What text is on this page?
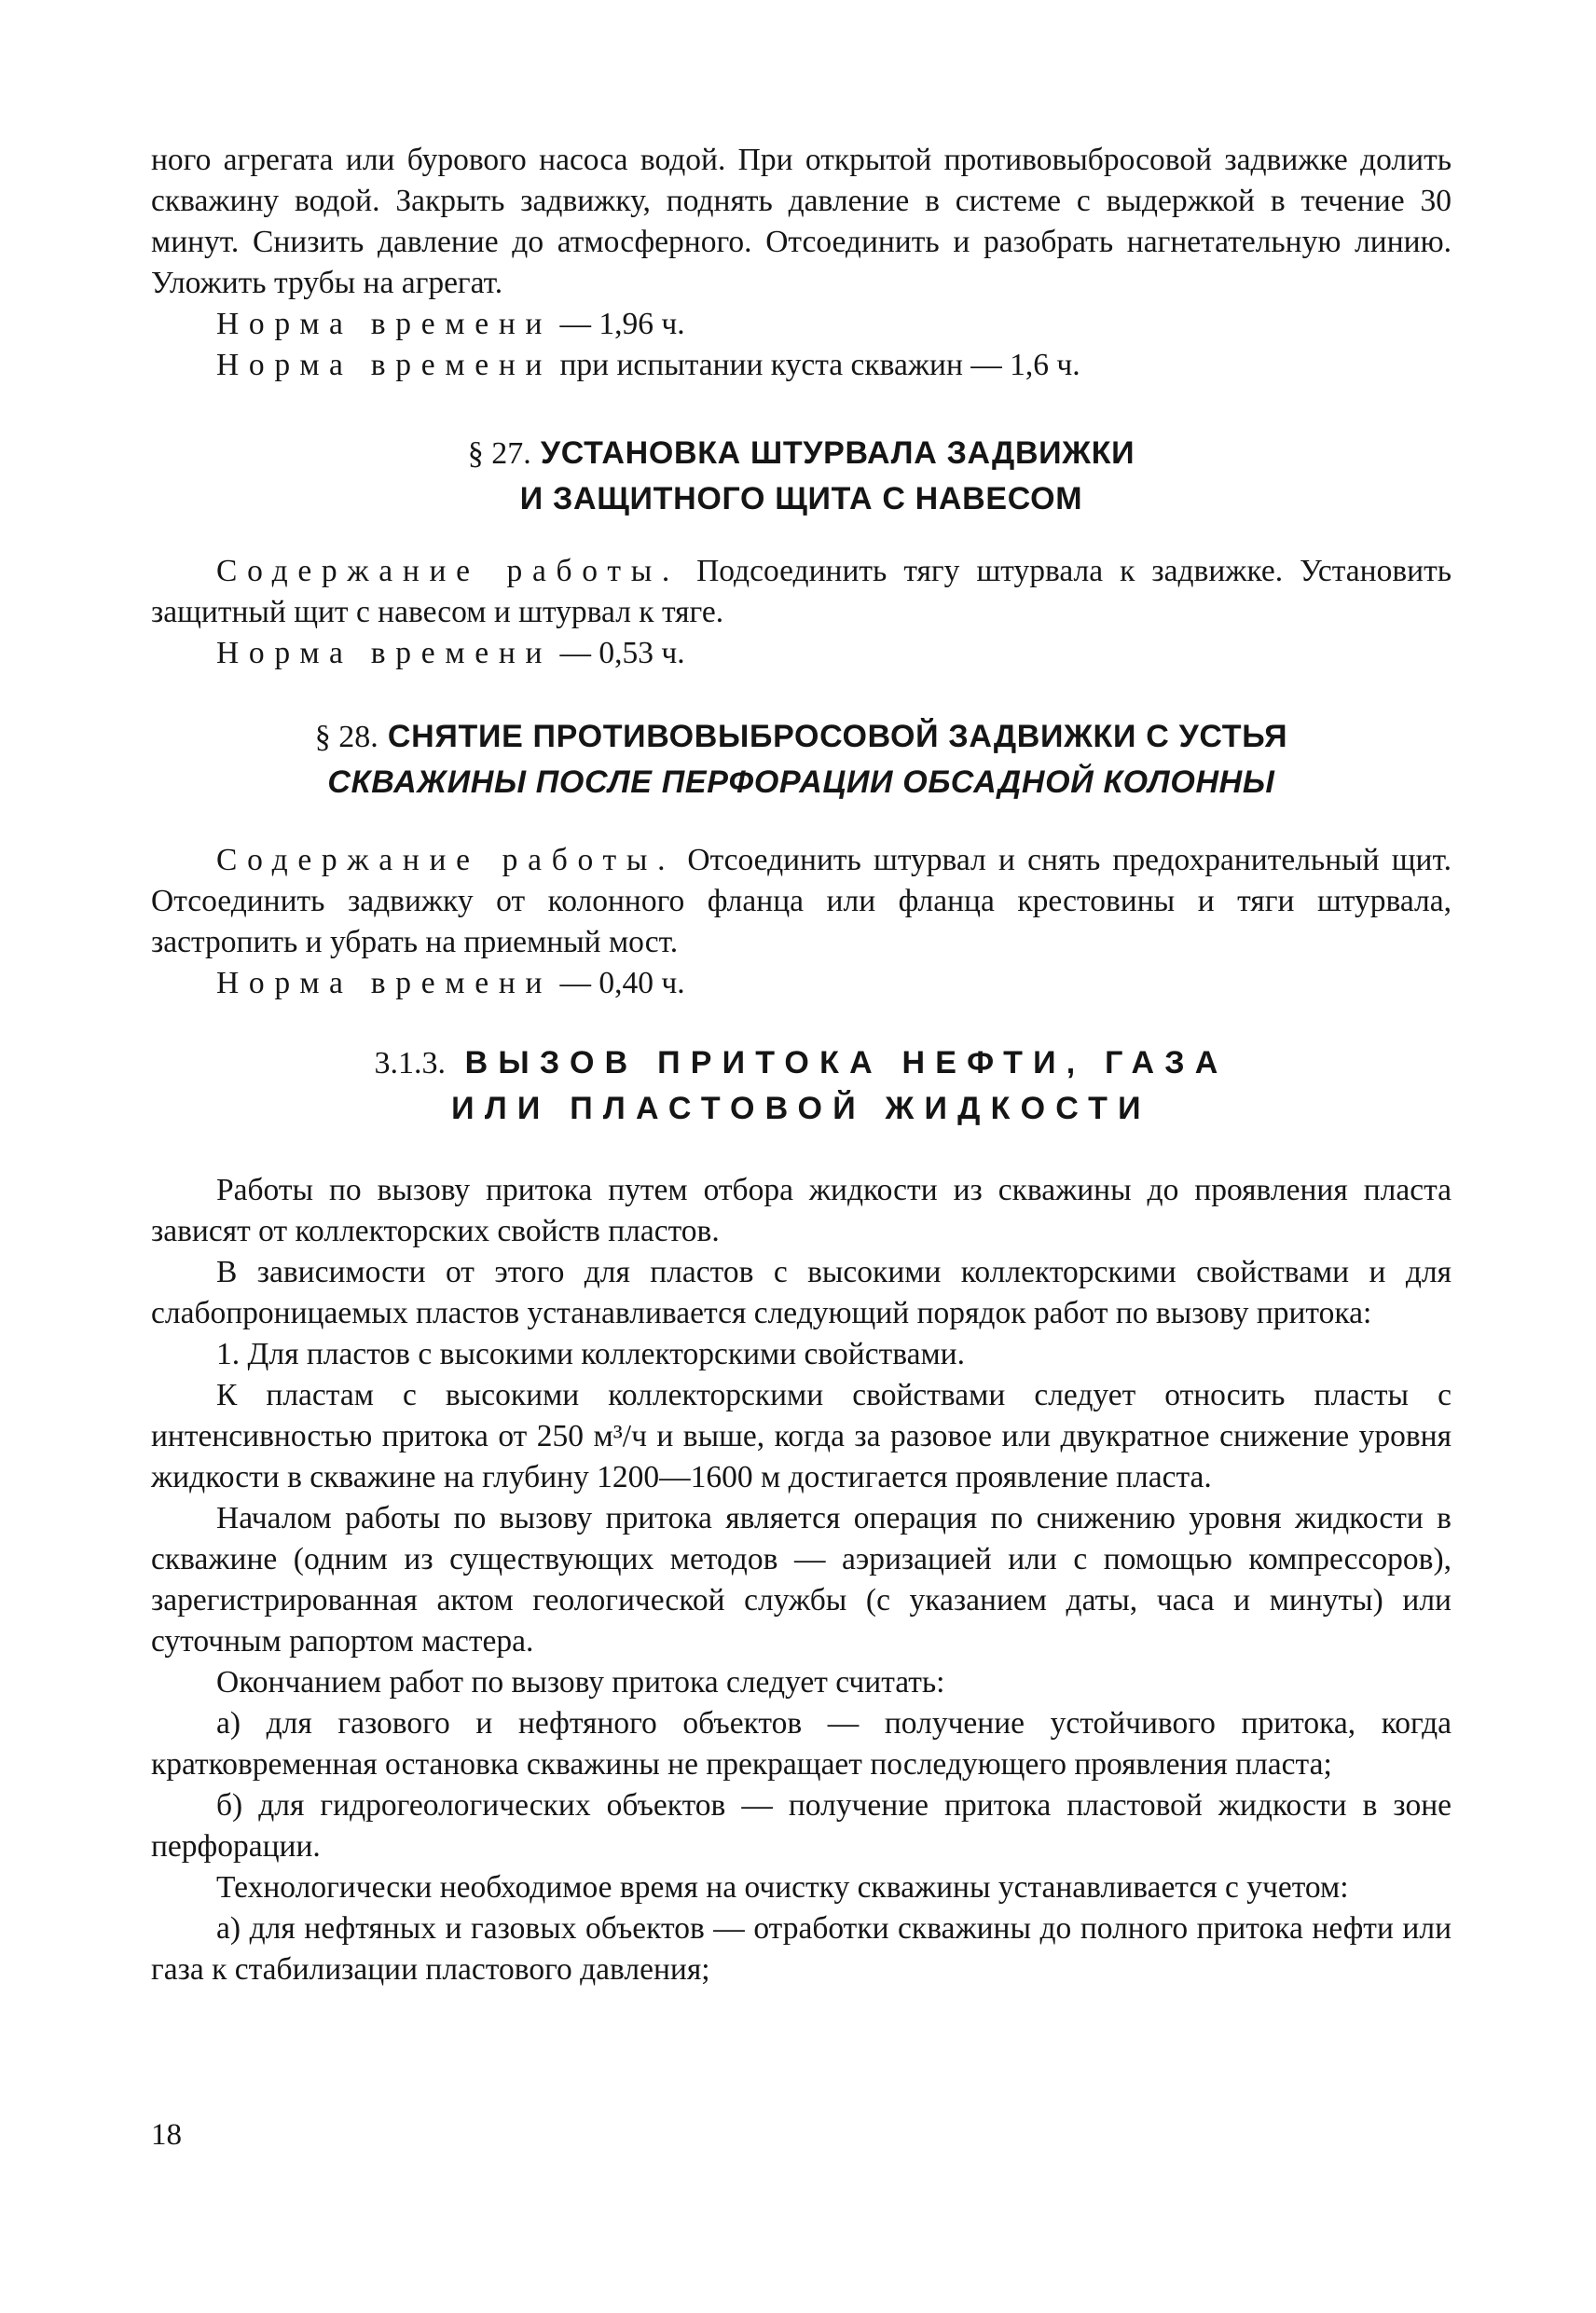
ного агрегата или бурового насоса водой. При открытой противовыбросовой задвижке долить скважину водой. Закрыть задвижку, поднять давление в системе с выдержкой в течение 30 минут. Снизить давление до атмосферного. Отсоединить и разобрать нагнетательную линию. Уложить трубы на агрегат.

Норма времени — 1,96 ч.

Норма времени при испытании куста скважин — 1,6 ч.

§ 27. УСТАНОВКА ШТУРВАЛА ЗАДВИЖКИ

И ЗАЩИТНОГО ЩИТА С НАВЕСОМ

Содержание работы. Подсоединить тягу штурвала к задвижке. Установить защитный щит с навесом и штурвал к тяге.

Норма времени — 0,53 ч.

§ 28. СНЯТИЕ ПРОТИВОВЫБРОСОВОЙ ЗАДВИЖКИ С УСТЬЯ

СКВАЖИНЫ ПОСЛЕ ПЕРФОРАЦИИ ОБСАДНОЙ КОЛОННЫ

Содержание работы. Отсоединить штурвал и снять предохранительный щит. Отсоединить задвижку от колонного фланца или фланца крестовины и тяги штурвала, застропить и убрать на приемный мост.

Норма времени — 0,40 ч.

3.1.3. ВЫЗОВ ПРИТОКА НЕФТИ, ГАЗА

ИЛИ ПЛАСТОВОЙ ЖИДКОСТИ

Работы по вызову притока путем отбора жидкости из скважины до проявления пласта зависят от коллекторских свойств пластов.

В зависимости от этого для пластов с высокими коллекторскими свойствами и для слабопроницаемых пластов устанавливается следующий порядок работ по вызову притока:

1. Для пластов с высокими коллекторскими свойствами.

К пластам с высокими коллекторскими свойствами следует относить пласты с интенсивностью притока от 250 м³/ч и выше, когда за разовое или двукратное снижение уровня жидкости в скважине на глубину 1200—1600 м достигается проявление пласта.

Началом работы по вызову притока является операция по снижению уровня жидкости в скважине (одним из существующих методов — аэризацией или с помощью компрессоров), зарегистрированная актом геологической службы (с указанием даты, часа и минуты) или суточным рапортом мастера.

Окончанием работ по вызову притока следует считать:

а) для газового и нефтяного объектов — получение устойчивого притока, когда кратковременная остановка скважины не прекращает последующего проявления пласта;

б) для гидрогеологических объектов — получение притока пластовой жидкости в зоне перфорации.

Технологически необходимое время на очистку скважины устанавливается с учетом:

а) для нефтяных и газовых объектов — отработки скважины до полного притока нефти или газа к стабилизации пластового давления;

18
